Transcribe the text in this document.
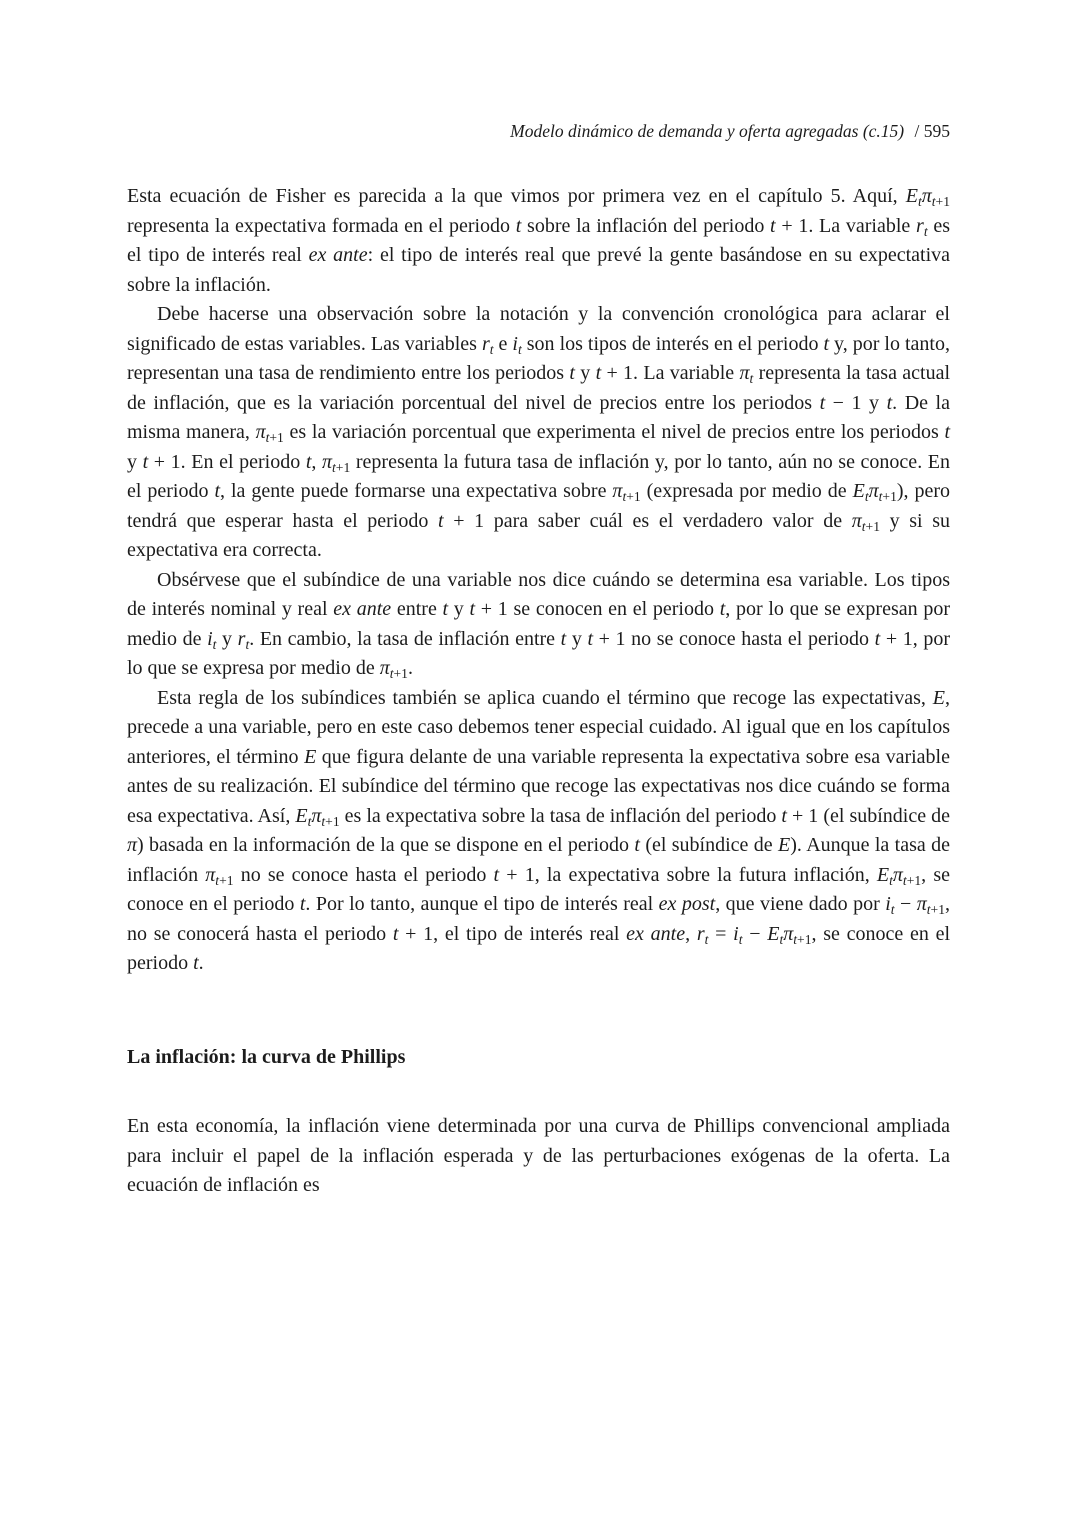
Modelo dinámico de demanda y oferta agregadas (c.15) / 595

Esta ecuación de Fisher es parecida a la que vimos por primera vez en el capítulo 5. Aquí, $E_t\pi_{t+1}$ representa la expectativa formada en el periodo t sobre la inflación del periodo t + 1. La variable $r_t$ es el tipo de interés real ex ante: el tipo de interés real que prevé la gente basándose en su expectativa sobre la inflación.

Debe hacerse una observación sobre la notación y la convención cronológica para aclarar el significado de estas variables. Las variables $r_t$ e $i_t$ son los tipos de interés en el periodo t y, por lo tanto, representan una tasa de rendimiento entre los periodos t y t + 1. La variable $\pi_t$ representa la tasa actual de inflación, que es la variación porcentual del nivel de precios entre los periodos t − 1 y t. De la misma manera, $\pi_{t+1}$ es la variación porcentual que experimenta el nivel de precios entre los periodos t y t + 1. En el periodo t, $\pi_{t+1}$ representa la futura tasa de inflación y, por lo tanto, aún no se conoce. En el periodo t, la gente puede formarse una expectativa sobre $\pi_{t+1}$ (expresada por medio de $E_t\pi_{t+1}$), pero tendrá que esperar hasta el periodo t + 1 para saber cuál es el verdadero valor de $\pi_{t+1}$ y si su expectativa era correcta.

Obsérvese que el subíndice de una variable nos dice cuándo se determina esa variable. Los tipos de interés nominal y real ex ante entre t y t + 1 se conocen en el periodo t, por lo que se expresan por medio de $i_t$ y $r_t$. En cambio, la tasa de inflación entre t y t + 1 no se conoce hasta el periodo t + 1, por lo que se expresa por medio de $\pi_{t+1}$.

Esta regla de los subíndices también se aplica cuando el término que recoge las expectativas, E, precede a una variable, pero en este caso debemos tener especial cuidado. Al igual que en los capítulos anteriores, el término E que figura delante de una variable representa la expectativa sobre esa variable antes de su realización. El subíndice del término que recoge las expectativas nos dice cuándo se forma esa expectativa. Así, $E_t\pi_{t+1}$ es la expectativa sobre la tasa de inflación del periodo t + 1 (el subíndice de π) basada en la información de la que se dispone en el periodo t (el subíndice de E). Aunque la tasa de inflación $\pi_{t+1}$ no se conoce hasta el periodo t + 1, la expectativa sobre la futura inflación, $E_t\pi_{t+1}$, se conoce en el periodo t. Por lo tanto, aunque el tipo de interés real ex post, que viene dado por $i_t - \pi_{t+1}$, no se conocerá hasta el periodo t + 1, el tipo de interés real ex ante, $r_t = i_t - E_t\pi_{t+1}$, se conoce en el periodo t.

La inflación: la curva de Phillips

En esta economía, la inflación viene determinada por una curva de Phillips convencional ampliada para incluir el papel de la inflación esperada y de las perturbaciones exógenas de la oferta. La ecuación de inflación es
